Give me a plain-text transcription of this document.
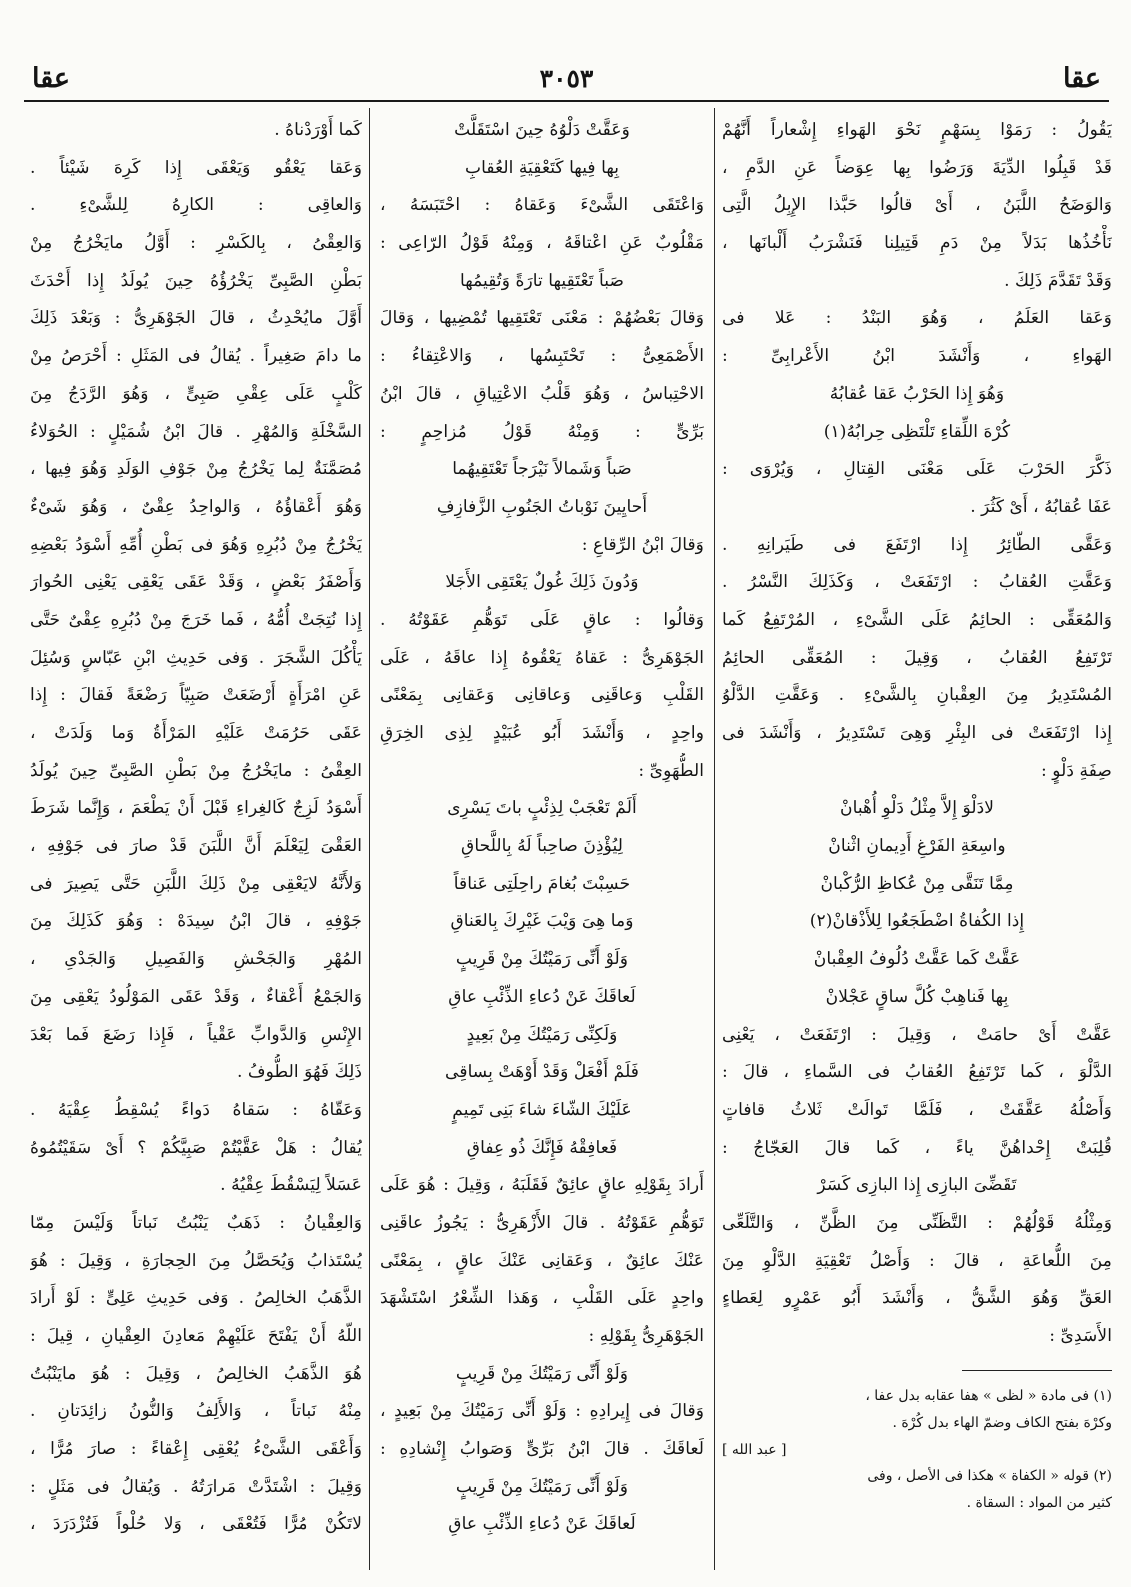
عقا
٣٠٥٣
عقا
يَقُولُ : رَمَوْا بِسَهْمٍ نَحْوَ الهَواءِ إِشْعاراً أَنَّهُمْ
قَدْ قَبِلُوا الدِّيَةَ وَرَضُوا بِها عِوَضاً عَنِ الدَّمِ ،
وَالوَضَحُ اللَّبَنُ ، أَىْ قالُوا حَبَّذا الإِبِلُ الَّتِى
نَأْخُذُها بَدَلاً مِنْ دَمِ قَتِيلِنا فَنَشْرَبُ أَلْبانَها ،
وَقَدْ تَقَدَّمَ ذَلِكَ .
وَعَقا العَلَمُ ، وَهُوَ البَنْدُ : عَلا فى
الهَواءِ ، وَأَنْشَدَ ابْنُ الأَعْرابِىِّ :
وَهُوَ إِذا الحَرْبُ عَقا عُقابُهُ
كُرْهَ اللِّقاءِ تَلْتَظِى حِرابُهُ(١)
ذَكَّرَ الحَرْبَ عَلَى مَعْنَى القِتالِ ، وَيُرْوَى :
عَفَا عُقابُهُ ، أَىْ كَثُرَ .
وَعَقَّى الطّائِرُ إِذا ارْتَفَعَ فى طَيَرانِهِ .
وَعَقَّتِ العُقابُ : ارْتَفَعَتْ ، وَكَذَلِكَ النَّسْرُ .
وَالمُعَقِّى : الحائِمُ عَلَى الشَّىْءِ ، المُرْتَفِعُ كَما
تَرْتَفِعُ العُقابُ ، وَقِيلَ : المُعَقِّى الحائِمُ
المُسْتَدِيرُ مِنَ العِقْبانِ بِالشَّىْءِ . وَعَقَّتِ الدَّلْوُ
إِذا ارْتَفَعَتْ فى البِئْرِ وَهِىَ تَسْتَدِيرُ ، وَأَنْشَدَ فى
صِفَةِ دَلْوٍ :
لادَلْوَ إِلاَّ مِثْلُ دَلْوِ أُهْبانْ
واسِعَةِ الفَرْغِ أَدِيمانِ اثْنانْ
مِمَّا تَنَقَّى مِنْ عُكاظِ الرُّكْبانْ
إِذا الكُفاةُ اضْطَجَعُوا لِلأَذْقانْ(٢)
عَقَّتْ كَما عَقَّتْ دُلُوفُ العِقْبانْ
بِها فَناهِبْ كُلَّ ساقٍ عَجْلانْ
عَقَّتْ أَىْ حامَتْ ، وَقِيلَ : ارْتَفَعَتْ ، يَعْنِى
الدَّلْوَ ، كَما تَرْتَفِعُ العُقابُ فى السَّماءِ ، قالَ :
وَأَصْلُهُ عَقَّقَتْ ، فَلَمَّا تَوالَتْ ثَلاثُ قافاتٍ
قُلِبَتْ إِحْداهُنَّ ياءً ، كَما قالَ العَجّاجُ :
تَقَضِّىَ البازِى إِذا البازِى كَسَرْ
وَمِثْلُهُ قَوْلُهُمْ : التَّظَنِّى مِنَ الظَّنِّ ، وَالتَّلَعِّى
مِنَ اللُّعاعَةِ ، قالَ : وَأَصْلُ تَعْقِيَةِ الدَّلْوِ مِنَ
العَقِّ وَهُوَ الشَّقُّ ، وَأَنْشَدَ أَبُو عَمْرٍو لِعَطاءٍ
الأَسَدِىِّ :
(١) فى مادة « لظى » هفا عقابه بدل عفا ،
وكرْهَ بفتح الكاف وضمّ الهاء بدل كُرْهَ .
[ عبد الله ]
(٢) قوله « الكفاة » هكذا فى الأصل ، وفى
كثير من المواد : السقاة .
وَعَقَّتْ دَلْوُهُ حِينَ اسْتَقَلَّتْ
بِها فِيها كَتَعْقِيَةِ العُقابِ
وَاعْتَقَى الشَّىْءَ وَعَقاهُ : احْتَبَسَهُ ،
مَقْلُوبٌ عَنِ اعْتاقَهُ ، وَمِنْهُ قَوْلُ الرّاعِى :
صَباً تَعْتَقِيها تارَةً وَتُقِيمُها
وَقالَ بَعْضُهُمْ : مَعْنَى تَعْتَقِيها تُمْضِيها ، وَقالَ
الأَصْمَعِىُّ : تَحْتَبِسُها ، وَالاعْتِقاءُ :
الاحْتِباسُ ، وَهُوَ قَلْبُ الاعْتِياقِ ، قالَ ابْنُ
بَرِّىٍّ : وَمِنْهُ قَوْلُ مُزاحِمٍ :
صَباً وَشَمالاً نَيْرَجاً تَعْتَقِيهُما
أَحايِينَ نَوْباتُ الجَنُوبِ الزَّفازِفِ
وَقالَ ابْنُ الرِّقاعِ :
وَدُونَ ذَلِكَ غُولٌ يَعْتَقِى الأَجَلا
وَقالُوا : عاقٍ عَلَى تَوَهُّمِ عَقَوْتُهُ .
الجَوْهَرِىُّ : عَقاهُ يَعْقُوهُ إِذا عاقَهُ ، عَلَى
القَلْبِ وَعاقَنِى وَعاقانِى وَعَقانِى بِمَعْنًى
واحِدٍ ، وَأَنْشَدَ أَبُو عُبَيْدٍ لِذِى الخِرَقِ
الطُّهَوِىِّ :
أَلَمْ تَعْجَبْ لِذِئْبٍ باتَ يَسْرِى
لِيُؤْذِنَ صاحِباً لَهُ بِاللَّحاقِ
حَسِبْتَ بُغامَ راحِلَتِى عَناقاً
وَما هِىَ وَيْبَ غَيْرِكَ بِالعَناقِ
وَلَوْ أَنِّى رَمَيْتُكَ مِنْ قَرِيبٍ
لَعاقَكَ عَنْ دُعاءِ الذِّئْبِ عاقِ
وَلَكِنِّى رَمَيْتُكَ مِنْ بَعِيدٍ
فَلَمْ أَفْعَلْ وَقَدْ أَوْهَتْ بِساقِى
عَلَيْكَ الشّاءَ شاءَ بَنِى تَمِيمٍ
فَعافِقْهُ فَإِنَّكَ ذُو عِفاقِ
أَرادَ بِقَوْلِهِ عاقٍ عائِقٌ فَقَلَبَهُ ، وَقِيلَ : هُوَ عَلَى
تَوَهُّمِ عَقَوْتُهُ . قالَ الأَزْهَرِىُّ : يَجُوزُ عاقَنِى
عَنْكَ عائِقٌ ، وَعَقانِى عَنْكَ عاقٍ ، بِمَعْنًى
واحِدٍ عَلَى القَلْبِ ، وَهَذا الشِّعْرُ اسْتَشْهَدَ
الجَوْهَرِىُّ بِقَوْلِهِ :
وَلَوْ أَنِّى رَمَيْتُكَ مِنْ قَرِيبٍ
وَقالَ فى إِيرادِهِ : وَلَوْ أَنِّى رَمَيْتُكَ مِنْ بَعِيدٍ ،
لَعاقَكَ . قالَ ابْنُ بَرِّىٍّ وَصَوابُ إِنْشادِهِ :
وَلَوْ أَنِّى رَمَيْتُكَ مِنْ قَرِيبٍ
لَعاقَكَ عَنْ دُعاءِ الذِّئْبِ عاقِ
كَما أَوْرَدْناهُ .
وَعَقا يَعْقُو وَيَعْقَى إِذا كَرِهَ شَيْئاً .
وَالعاقِى : الكارِهُ لِلشَّىْءِ .
وَالعِقْىُ ، بِالكَسْرِ : أَوَّلُ مايَخْرُجُ مِنْ
بَطْنِ الصَّبِىِّ يَخْرُؤُهُ حِينَ يُولَدُ إِذا أَحْدَثَ
أَوَّلَ مايُحْدِثُ ، قالَ الجَوْهَرِىُّ : وَبَعْدَ ذَلِكَ
ما دامَ صَغِيراً . يُقالُ فى المَثَلِ : أَحْرَصُ مِنْ
كَلْبٍ عَلَى عِقْىِ صَبِىٍّ ، وَهُوَ الرَّدَجُ مِنَ
السَّخْلَةِ وَالمُهْرِ . قالَ ابْنُ شُمَيْلٍ : الحُوَلاءُ
مُصَمَّنَةٌ لِما يَخْرُجُ مِنْ جَوْفِ الوَلَدِ وَهُوَ فِيها ،
وَهُوَ أَعْقاؤُهُ ، وَالواحِدُ عِقْىٌ ، وَهُوَ شَىْءٌ
يَخْرُجُ مِنْ دُبُرِهِ وَهُوَ فى بَطْنِ أُمِّهِ أَسْوَدُ بَعْضِهِ
وَأَصْفَرُ بَعْضٍ ، وَقَدْ عَقَى يَعْقِى يَعْنِى الحُوارَ
إِذا نُتِجَتْ أُمُّهُ ، فَما خَرَجَ مِنْ دُبُرِهِ عِقْىٌ حَتَّى
يَأْكُلَ الشَّجَرَ . وَفى حَدِيثِ ابْنِ عَبّاسٍ وَسُئِلَ
عَنِ امْرَأَةٍ أَرْضَعَتْ صَبِيّاً رَضْعَةً فَقالَ : إِذا
عَقَى حَرُمَتْ عَلَيْهِ المَرْأَةُ وَما وَلَدَتْ ،
العِقْىُ : مايَخْرُجُ مِنْ بَطْنِ الصَّبِىِّ حِينَ يُولَدُ
أَسْوَدُ لَزِجٌ كَالغِراءِ قَبْلَ أَنْ يَطْعَمَ ، وَإِنَّما شَرَطَ
العَقْىَ لِيَعْلَمَ أَنَّ اللَّبَنَ قَدْ صارَ فى جَوْفِهِ ،
وَلأَنَّهُ لايَعْقِى مِنْ ذَلِكَ اللَّبَنِ حَتَّى يَصِيرَ فى
جَوْفِهِ ، قالَ ابْنُ سِيدَهْ : وَهُوَ كَذَلِكَ مِنَ
المُهْرِ وَالجَحْشِ وَالفَصِيلِ وَالجَدْىِ ،
وَالجَمْعُ أَعْقاءٌ ، وَقَدْ عَقَى المَوْلُودُ يَعْقِى مِنَ
الإِنْسِ وَالدَّوابِّ عَقْياً ، فَإِذا رَضَعَ فَما بَعْدَ
ذَلِكَ فَهُوَ الطُّوفُ .
وَعَقّاهُ : سَقاهُ دَواءً يُسْقِطُ عِقْيَهُ .
يُقالُ : هَلْ عَقَّيْتُمْ صَبِيَّكُمْ ؟ أَىْ سَقَيْتُمُوهُ
عَسَلاً لِيَسْقُطَ عِقْيُهُ .
وَالعِقْيانُ : ذَهَبٌ يَنْبُتُ نَباتاً وَلَيْسَ مِمّا
يُسْتَذابُ وَيُحَصَّلُ مِنَ الحِجارَةِ ، وَقِيلَ : هُوَ
الذَّهَبُ الخالِصُ . وَفى حَدِيثِ عَلِىٍّ : لَوْ أَرادَ
اللّهُ أَنْ يَفْتَحَ عَلَيْهِمْ مَعادِنَ العِقْيانِ ، قِيلَ :
هُوَ الذَّهَبُ الخالِصُ ، وَقِيلَ : هُوَ مايَنْبُتُ
مِنْهُ نَباتاً ، وَالأَلِفُ وَالنُّونُ زائِدَتانِ .
وَأَعْقَى الشَّىْءُ يُعْقِى إِعْقاءً : صارَ مُرًّا ،
وَقِيلَ : اشْتَدَّتْ مَرارَتُهُ . وَيُقالُ فى مَثَلٍ :
لاتَكُنْ مُرًّا فَتُعْقَى ، وَلا حُلْواً فَتُزْدَرَدَ ،
